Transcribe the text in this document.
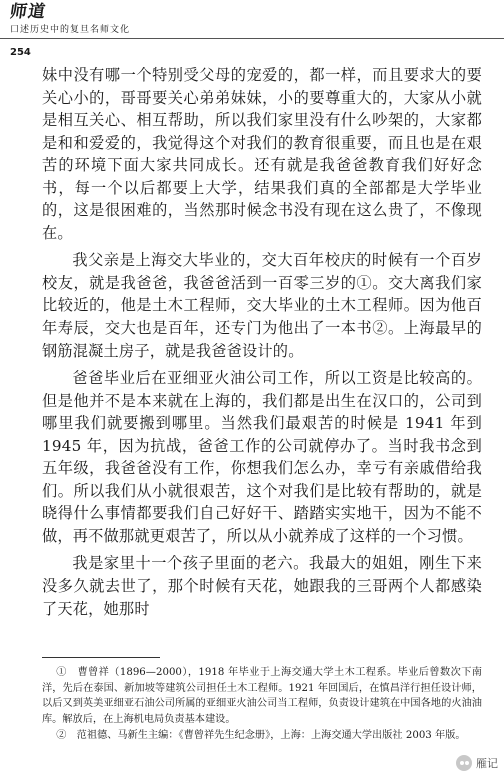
师道
口述历史中的复旦名师文化
254

妹中没有哪一个特别受父母的宠爱的，都一样，而且要求大的要关心小的，哥哥要关心弟弟妹妹，小的要尊重大的，大家从小就是相互关心、相互帮助，所以我们家里没有什么吵架的，大家都是和和爱爱的，我觉得这个对我们的教育很重要，而且也是在艰苦的环境下面大家共同成长。还有就是我爸爸教育我们好好念书，每一个以后都要上大学，结果我们真的全部都是大学毕业的，这是很困难的，当然那时候念书没有现在这么贵了，不像现在。

我父亲是上海交大毕业的，交大百年校庆的时候有一个百岁校友，就是我爸爸，我爸爸活到一百零三岁的①。交大离我们家比较近的，他是土木工程师，交大毕业的土木工程师。因为他百年寿辰，交大也是百年，还专门为他出了一本书②。上海最早的钢筋混凝土房子，就是我爸爸设计的。

爸爸毕业后在亚细亚火油公司工作，所以工资是比较高的。但是他并不是本来就在上海的，我们都是出生在汉口的，公司到哪里我们就要搬到哪里。当然我们最艰苦的时候是 1941 年到 1945 年，因为抗战，爸爸工作的公司就停办了。当时我书念到五年级，我爸爸没有工作，你想我们怎么办，幸亏有亲戚借给我们。所以我们从小就很艰苦，这个对我们是比较有帮助的，就是晓得什么事情都要我们自己好好干、踏踏实实地干，因为不能不做，再不做那就更艰苦了，所以从小就养成了这样的一个习惯。

我是家里十一个孩子里面的老六。我最大的姐姐，刚生下来没多久就去世了，那个时候有天花，她跟我的三哥两个人都感染了天花，她那时

①　曹曾祥（1896—2000），1918 年毕业于上海交通大学土木工程系。毕业后曾数次下南洋，先后在泰国、新加坡等建筑公司担任土木工程师。1921 年回国后，在慎昌洋行担任设计师，以后又到英美亚细亚石油公司所属的亚细亚火油公司当工程师，负责设计建筑在中国各地的火油油库。解放后，在上海机电局负责基本建设。

②　范祖德、马新生主编：《曹曾祥先生纪念册》，上海：上海交通大学出版社 2003 年版。

雁记
